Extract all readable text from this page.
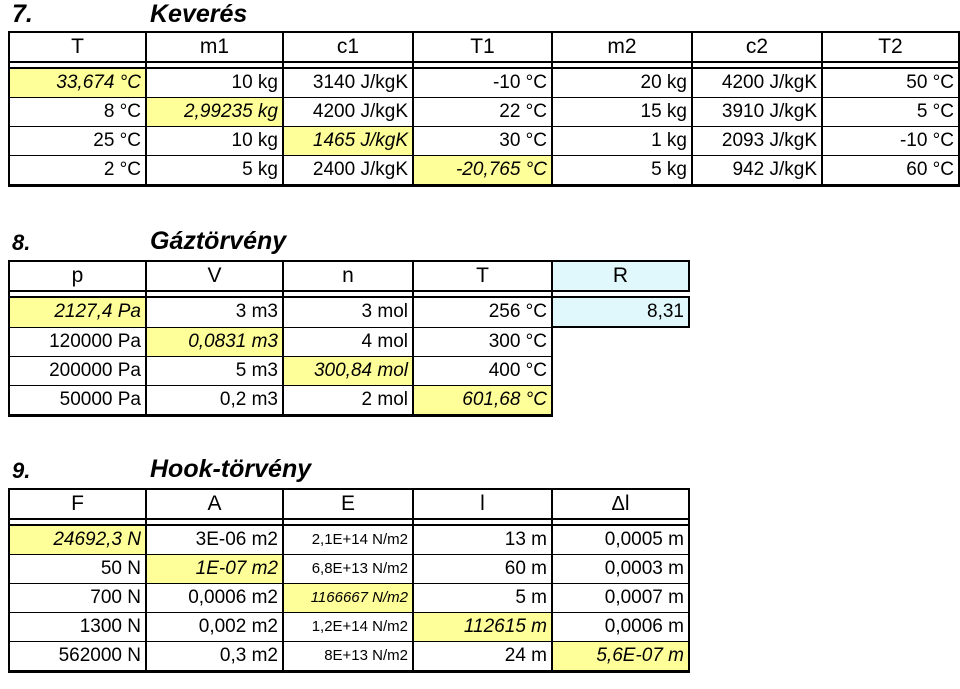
7.	Keverés
T	m1	c1	T1	m2	c2	T2

33,674 °C	10 kg	3140 J/kgK	-10 °C	20 kg	4200 J/kgK	50 °C
8 °C	2,99235 kg	4200 J/kgK	22 °C	15 kg	3910 J/kgK	5 °C
25 °C	10 kg	1465 J/kgK	30 °C	1 kg	2093 J/kgK	-10 °C
2 °C	5 kg	2400 J/kgK	-20,765 °C	5 kg	942 J/kgK	60 °C
8.	Gáztörvény
p	V	n	T	R

2127,4 Pa	3 m3	3 mol	256 °C	8,31
120000 Pa	0,0831 m3	4 mol	300 °C	
200000 Pa	5 m3	300,84 mol	400 °C	
50000 Pa	0,2 m3	2 mol	601,68 °C	
9.	Hook-törvény
F	A	E	l	Δl

24692,3 N	3E-06 m2	2,1E+14 N/m2	13 m	0,0005 m
50 N	1E-07 m2	6,8E+13 N/m2	60 m	0,0003 m
700 N	0,0006 m2	1166667 N/m2	5 m	0,0007 m
1300 N	0,002 m2	1,2E+14 N/m2	112615 m	0,0006 m
562000 N	0,3 m2	8E+13 N/m2	24 m	5,6E-07 m
